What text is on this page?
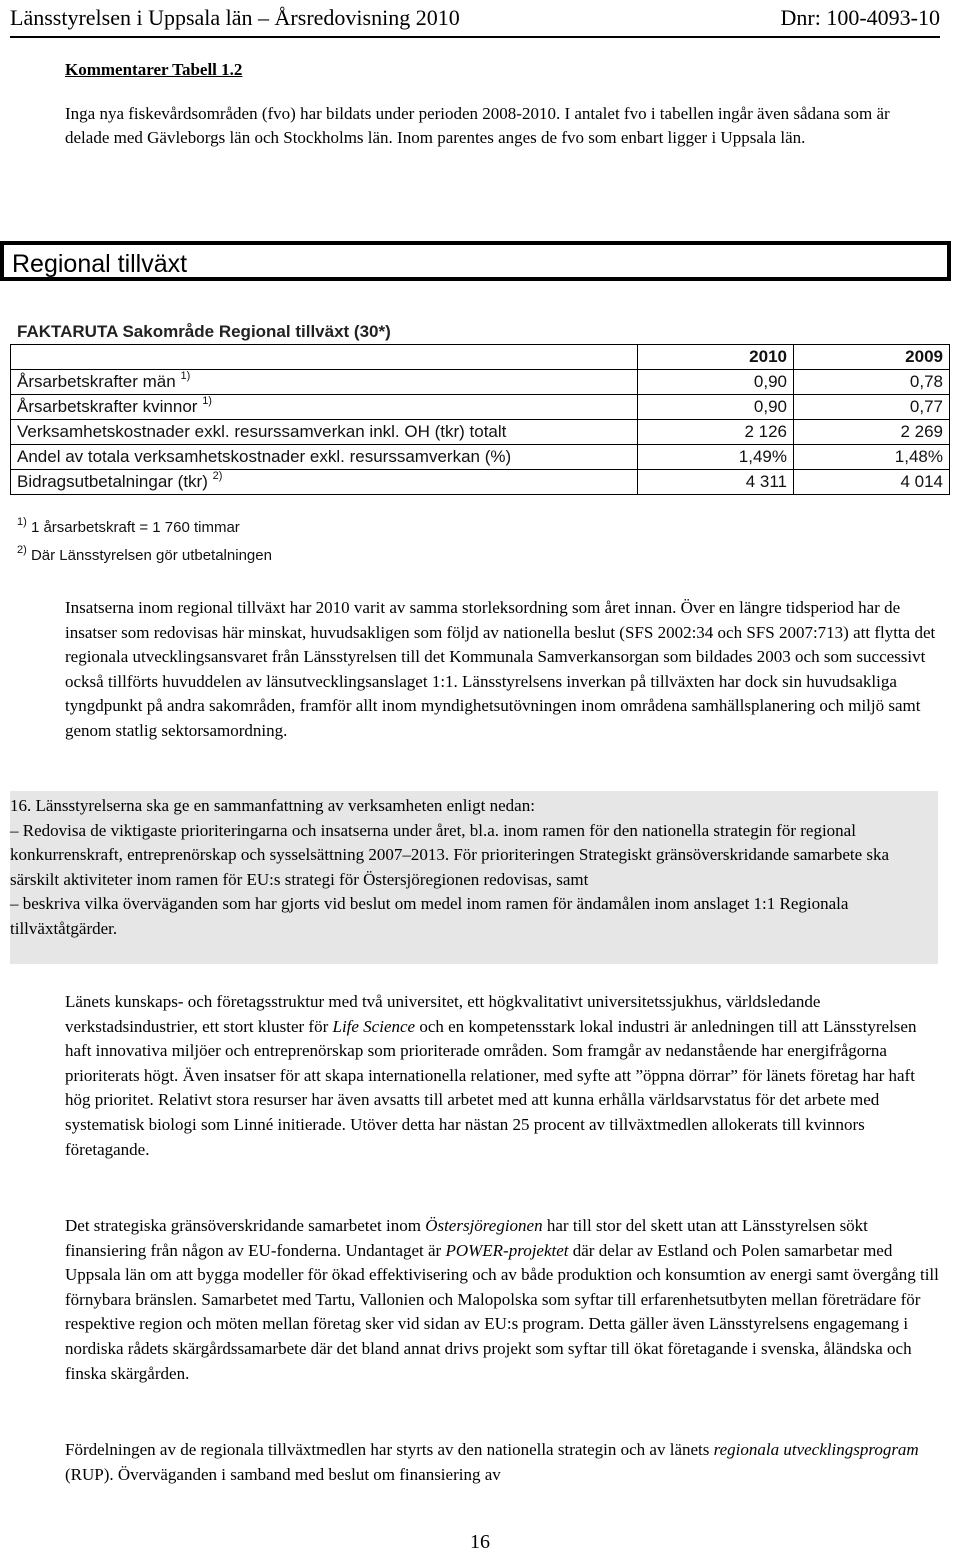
Länsstyrelsen i Uppsala län – Årsredovisning 2010	Dnr: 100-4093-10
Kommentarer Tabell 1.2

Inga nya fiskevårdsområden (fvo) har bildats under perioden 2008-2010. I antalet fvo i tabellen ingår även sådana som är delade med Gävleborgs län och Stockholms län. Inom parentes anges de fvo som enbart ligger i Uppsala län.

Regional tillväxt
FAKTARUTA Sakområde Regional tillväxt (30*)
	2010	2009
Årsarbetskrafter män $^{1)}$	0,90	0,78
Årsarbetskrafter kvinnor $^{1)}$	0,90	0,77
Verksamhetskostnader exkl. resurssamverkan inkl. OH (tkr) totalt	2 126	2 269
Andel av totala verksamhetskostnader exkl. resurssamverkan (%)	1,49%	1,48%
Bidragsutbetalningar (tkr) $^{2)}$	4 311	4 014
$^{1)}$ 1 årsarbetskraft = 1 760 timmar
$^{2)}$ Där Länsstyrelsen gör utbetalningen

Insatserna inom regional tillväxt har 2010 varit av samma storleksordning som året innan. Över en längre tidsperiod har de insatser som redovisas här minskat, huvudsakligen som följd av nationella beslut (SFS 2002:34 och SFS 2007:713) att flytta det regionala utvecklingsansvaret från Länsstyrelsen till det Kommunala Samverkansorgan som bildades 2003 och som successivt också tillförts huvuddelen av länsutvecklingsanslaget 1:1. Länsstyrelsens inverkan på tillväxten har dock sin huvudsakliga tyngdpunkt på andra sakområden, framför allt inom myndighetsutövningen inom områdena samhällsplanering och miljö samt genom statlig sektorsamordning.

16. Länsstyrelserna ska ge en sammanfattning av verksamheten enligt nedan:
– Redovisa de viktigaste prioriteringarna och insatserna under året, bl.a. inom ramen för den nationella strategin för regional konkurrenskraft, entreprenörskap och sysselsättning 2007–2013. För prioriteringen Strategiskt gränsöverskridande samarbete ska särskilt aktiviteter inom ramen för EU:s strategi för Östersjöregionen redovisas, samt
– beskriva vilka överväganden som har gjorts vid beslut om medel inom ramen för ändamålen inom anslaget 1:1 Regionala tillväxtåtgärder.

Länets kunskaps- och företagsstruktur med två universitet, ett högkvalitativt universitetssjukhus, världsledande verkstadsindustrier, ett stort kluster för Life Science och en kompetensstark lokal industri är anledningen till att Länsstyrelsen haft innovativa miljöer och entreprenörskap som prioriterade områden. Som framgår av nedanstående har energifrågorna prioriterats högt. Även insatser för att skapa internationella relationer, med syfte att ”öppna dörrar” för länets företag har haft hög prioritet. Relativt stora resurser har även avsatts till arbetet med att kunna erhålla världsarvstatus för det arbete med systematisk biologi som Linné initierade. Utöver detta har nästan 25 procent av tillväxtmedlen allokerats till kvinnors företagande.

Det strategiska gränsöverskridande samarbetet inom Östersjöregionen har till stor del skett utan att Länsstyrelsen sökt finansiering från någon av EU-fonderna. Undantaget är POWER-projektet där delar av Estland och Polen samarbetar med Uppsala län om att bygga modeller för ökad effektivisering och av både produktion och konsumtion av energi samt övergång till förnybara bränslen. Samarbetet med Tartu, Vallonien och Malopolska som syftar till erfarenhetsutbyten mellan företrädare för respektive region och möten mellan företag sker vid sidan av EU:s program. Detta gäller även Länsstyrelsens engagemang i nordiska rådets skärgårdssamarbete där det bland annat drivs projekt som syftar till ökat företagande i svenska, åländska och finska skärgården.

Fördelningen av de regionala tillväxtmedlen har styrts av den nationella strategin och av länets regionala utvecklingsprogram (RUP). Överväganden i samband med beslut om finansiering av

16
